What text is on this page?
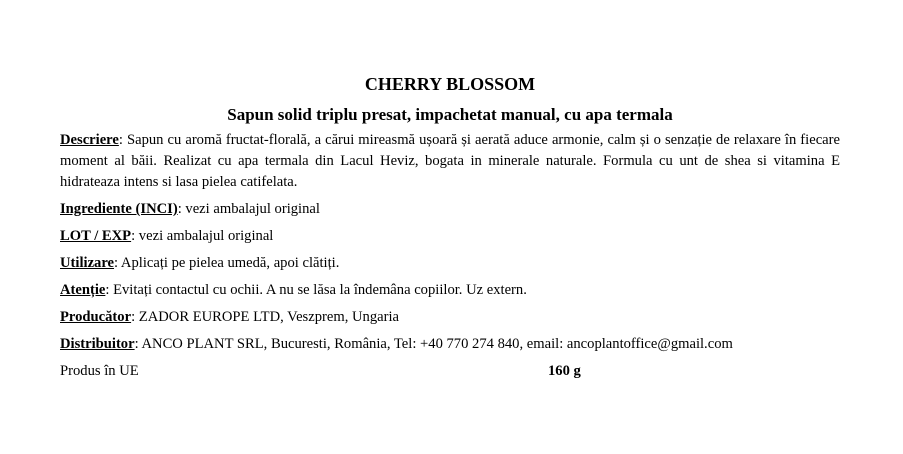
CHERRY BLOSSOM
Sapun solid triplu presat, impachetat manual, cu apa termala

Descriere: Sapun cu aromă fructat-florală, a cărui mireasmă ușoară și aerată aduce armonie, calm și o senzație de relaxare în fiecare moment al băii. Realizat cu apa termala din Lacul Heviz, bogata in minerale naturale. Formula cu unt de shea si vitamina E hidrateaza intens si lasa pielea catifelata.

Ingrediente (INCI): vezi ambalajul original

LOT / EXP: vezi ambalajul original

Utilizare: Aplicați pe pielea umedă, apoi clătiți.

Atenție: Evitați contactul cu ochii. A nu se lăsa la îndemâna copiilor. Uz extern.

Producător: ZADOR EUROPE LTD, Veszprem, Ungaria

Distribuitor: ANCO PLANT SRL, Bucuresti, România, Tel: +40 770 274 840, email: ancoplantoffice@gmail.com

Produs în UE	160 g
